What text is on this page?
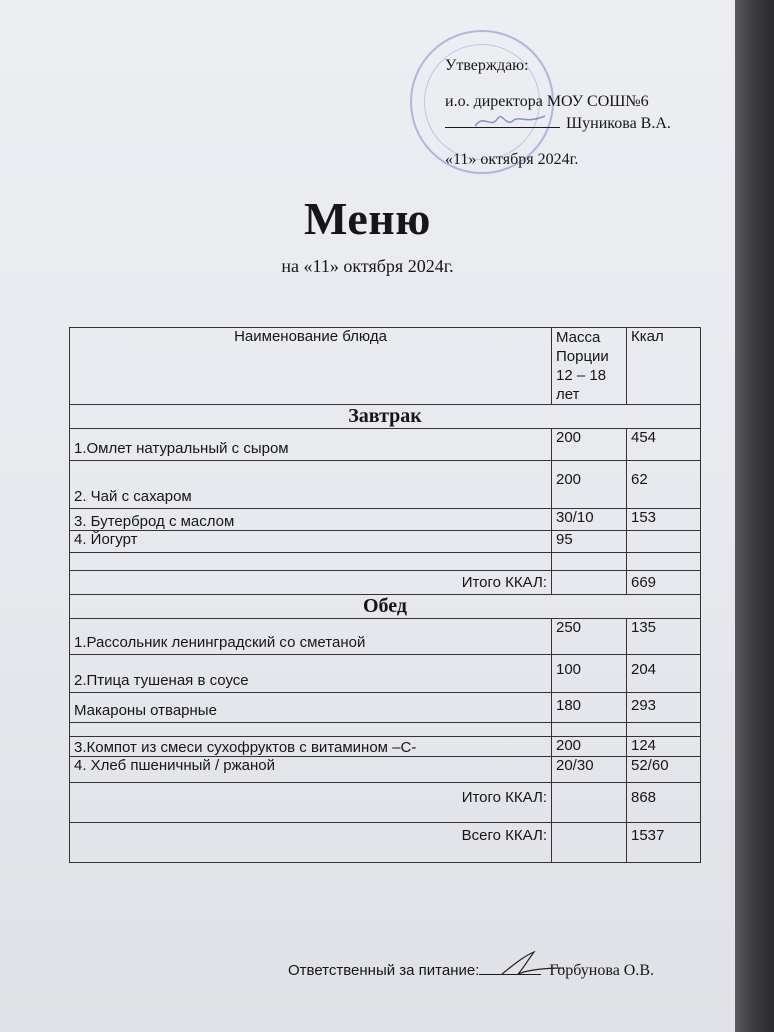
Утверждаю:
и.о. директора МОУ СОШ№6
Шуникова В.А.
«11» октября 2024г.
Меню
на «11» октября 2024г.
Наименование блюда	Масса Порции 12 – 18 лет	Ккал
Завтрак		
1.Омлет натуральный с сыром	200	454
2. Чай с сахаром	200	62
3. Бутерброд с маслом	30/10	153
4. Йогурт	95	

Итого ККАЛ:		669
Обед		
1.Рассольник ленинградский со сметаной	250	135
2.Птица тушеная в соусе	100	204
Макароны отварные	180	293

3.Компот из смеси сухофруктов с витамином –С-	200	124
4. Хлеб пшеничный / ржаной	20/30	52/60
Итого ККАЛ:		868
Всего ККАЛ:		1537
Ответственный за питание:	Горбунова О.В.
